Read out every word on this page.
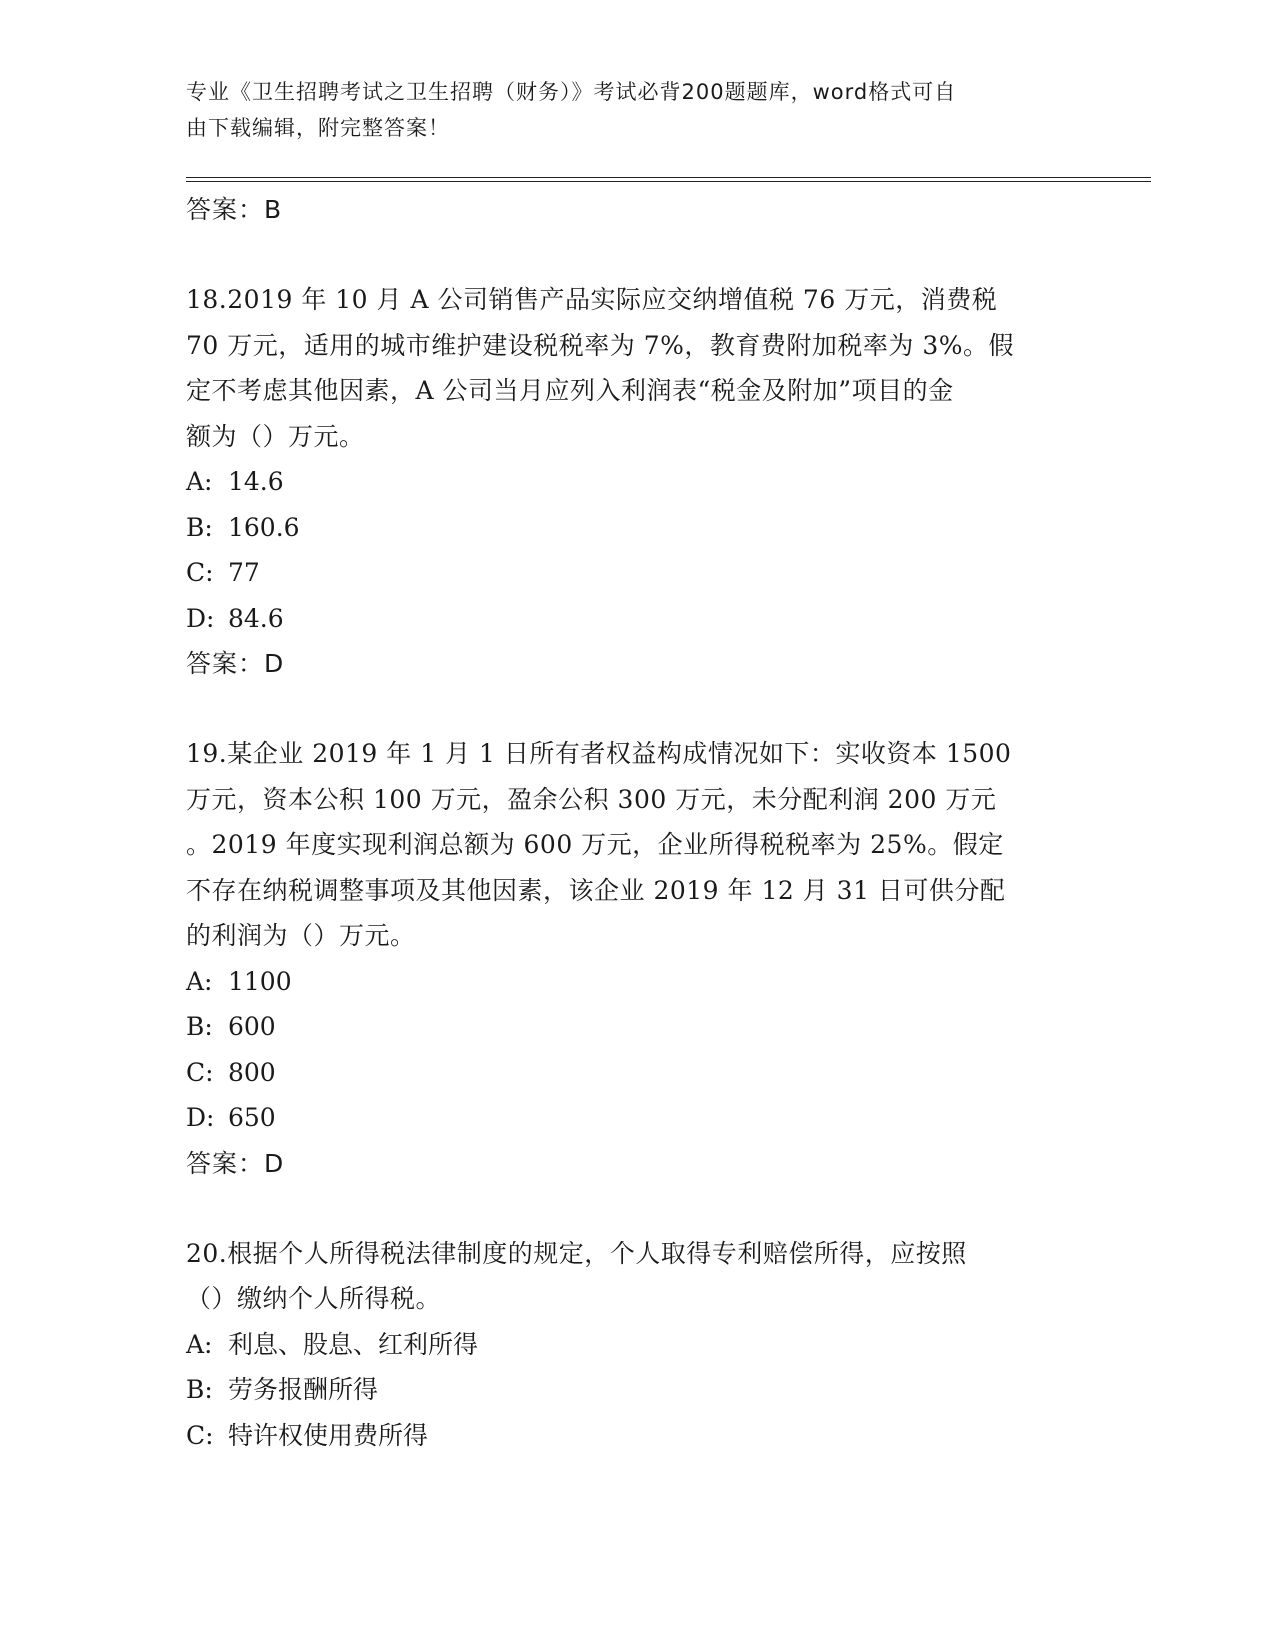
专业《卫生招聘考试之卫生招聘（财务）》考试必背200题题库，word格式可自
由下载编辑，附完整答案！
答案：B
18.2019 年 10 月 A 公司销售产品实际应交纳增值税 76 万元，消费税
70 万元，适用的城市维护建设税税率为 7%，教育费附加税率为 3%。假
定不考虑其他因素，A 公司当月应列入利润表“税金及附加”项目的金
额为（）万元。
A: 14.6
B: 160.6
C: 77
D: 84.6
答案：D
19.某企业 2019 年 1 月 1 日所有者权益构成情况如下：实收资本 1500
万元，资本公积 100 万元，盈余公积 300 万元，未分配利润 200 万元
。2019 年度实现利润总额为 600 万元，企业所得税税率为 25%。假定
不存在纳税调整事项及其他因素，该企业 2019 年 12 月 31 日可供分配
的利润为（）万元。
A: 1100
B: 600
C: 800
D: 650
答案：D
20.根据个人所得税法律制度的规定，个人取得专利赔偿所得，应按照
（）缴纳个人所得税。
A: 利息、股息、红利所得
B: 劳务报酬所得
C: 特许权使用费所得
